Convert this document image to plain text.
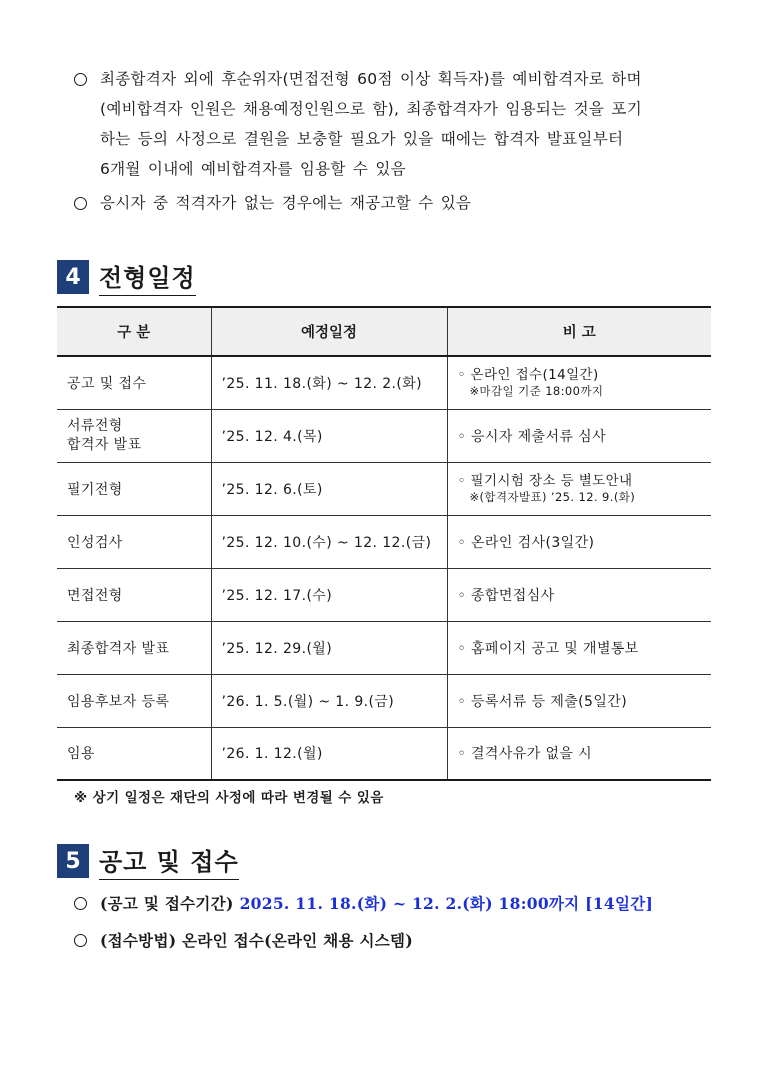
최종합격자 외에 후순위자(면접전형 60점 이상 획득자)를 예비합격자로 하며
(예비합격자 인원은 채용예정인원으로 함), 최종합격자가 임용되는 것을 포기
하는 등의 사정으로 결원을 보충할 필요가 있을 때에는 합격자 발표일부터
6개월 이내에 예비합격자를 임용할 수 있음
응시자 중 적격자가 없는 경우에는 재공고할 수 있음
4 전형일정
구 분	예정일정	비 고
공고 및 접수	’25. 11. 18.(화) ~ 12. 2.(화)	◦ 온라인 접수(14일간)
※마감일 기준 18:00까지

서류전형
합격자 발표	’25. 12. 4.(목)	◦ 응시자 제출서류 심사
필기전형	’25. 12. 6.(토)	◦ 필기시험 장소 등 별도안내
※(합격자발표) ’25. 12. 9.(화)

인성검사	’25. 12. 10.(수) ~ 12. 12.(금)	◦ 온라인 검사(3일간)
면접전형	’25. 12. 17.(수)	◦ 종합면접심사
최종합격자 발표	’25. 12. 29.(월)	◦ 홈페이지 공고 및 개별통보
임용후보자 등록	’26. 1. 5.(월) ~ 1. 9.(금)	◦ 등록서류 등 제출(5일간)
임용	’26. 1. 12.(월)	◦ 결격사유가 없을 시
※ 상기 일정은 재단의 사정에 따라 변경될 수 있음
5 공고 및 접수
(공고 및 접수기간) 2025. 11. 18.(화) ~ 12. 2.(화) 18:00까지 [14일간]
(접수방법) 온라인 접수(온라인 채용 시스템)
